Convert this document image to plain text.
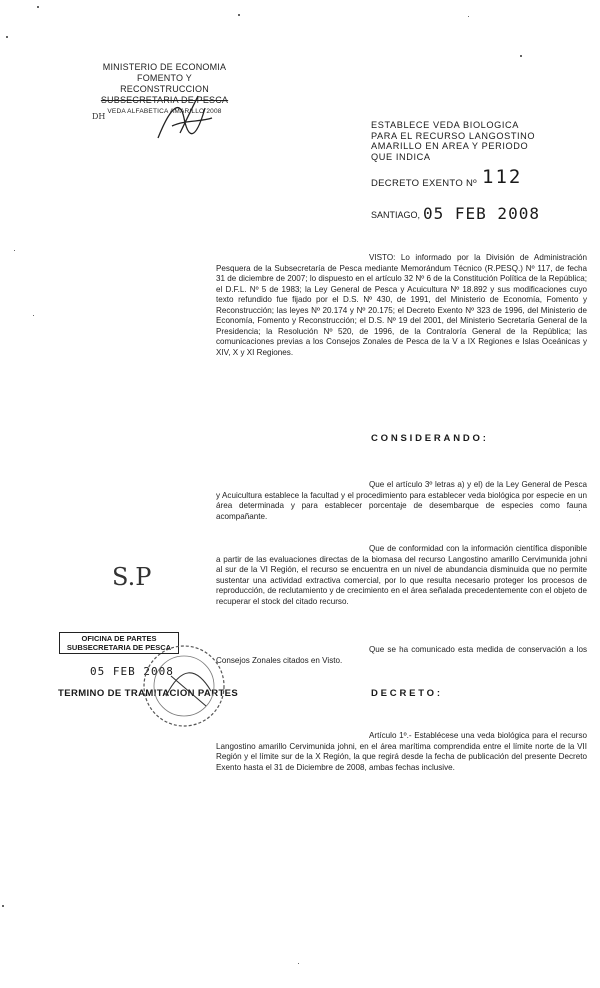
MINISTERIO DE ECONOMIA
FOMENTO Y RECONSTRUCCION
SUBSECRETARIA DE PESCA
VEDA ALFABETICA AMARILLO 2008
DH
ESTABLECE VEDA BIOLOGICA
PARA EL RECURSO LANGOSTINO
AMARILLO EN AREA Y PERIODO
QUE INDICA
DECRETO EXENTO Nº 112
SANTIAGO, 05 FEB 2008
VISTO: Lo informado por la División de Administración Pesquera de la Subsecretaría de Pesca mediante Memorándum Técnico (R.PESQ.) Nº 117, de fecha 31 de diciembre de 2007; lo dispuesto en el artículo 32 Nº 6 de la Constitución Política de la República; el D.F.L. Nº 5 de 1983; la Ley General de Pesca y Acuicultura Nº 18.892 y sus modificaciones cuyo texto refundido fue fijado por el D.S. Nº 430, de 1991, del Ministerio de Economía, Fomento y Reconstrucción; las leyes Nº 20.174 y Nº 20.175; el Decreto Exento Nº 323 de 1996, del Ministerio de Economía, Fomento y Reconstrucción; el D.S. Nº 19 del 2001, del Ministerio Secretaría General de la Presidencia; la Resolución Nº 520, de 1996, de la Contraloría General de la República; las comunicaciones previas a los Consejos Zonales de Pesca de la V a IX Regiones e Islas Oceánicas y XIV, X y XI Regiones.
CONSIDERANDO:
Que el artículo 3º letras a) y el) de la Ley General de Pesca y Acuicultura establece la facultad y el procedimiento para establecer veda biológica por especie en un área determinada y para establecer porcentaje de desembarque de especies como fauna acompañante.
Que de conformidad con la información científica disponible a partir de las evaluaciones directas de la biomasa del recurso Langostino amarillo Cervimunida johni al sur de la VI Región, el recurso se encuentra en un nivel de abundancia disminuida que no permite sustentar una actividad extractiva comercial, por lo que resulta necesario proteger los procesos de reproducción, de reclutamiento y de crecimiento en el área señalada precedentemente con el objeto de recuperar el stock del citado recurso.
Que se ha comunicado esta medida de conservación a los Consejos Zonales citados en Visto.
DECRETO:
Artículo 1º.- Establécese una veda biológica para el recurso Langostino amarillo Cervimunida johni, en el área marítima comprendida entre el límite norte de la VII Región y el límite sur de la X Región, la que regirá desde la fecha de publicación del presente Decreto Exento hasta el 31 de Diciembre de 2008, ambas fechas inclusive.
S.P
OFICINA DE PARTES
SUBSECRETARIA DE PESCA
05 FEB 2008
TERMINO DE TRAMITACION PARTES
